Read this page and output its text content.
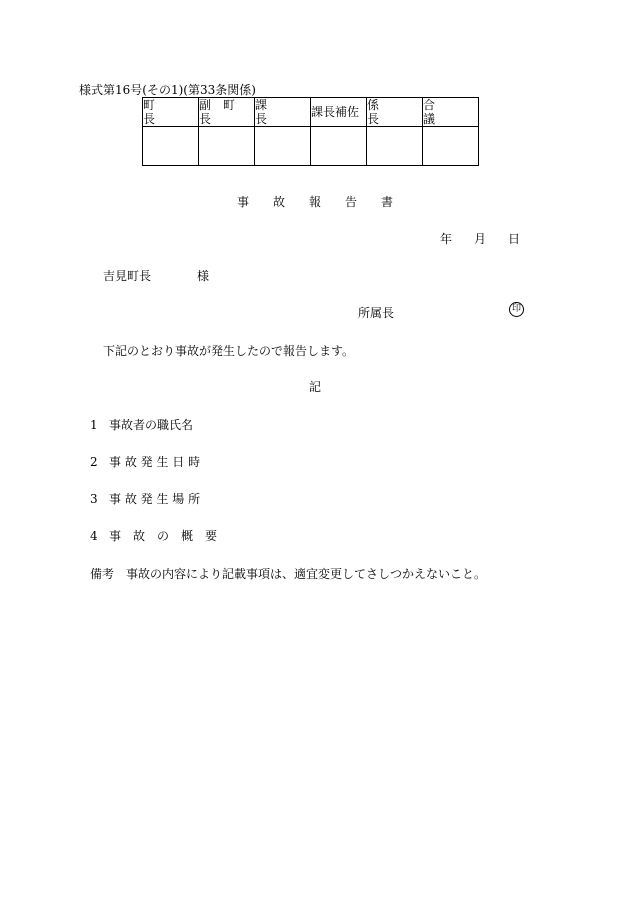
様式第16号(その1)(第33条関係)
町　　　長	副　町　長	課　　　長	課長補佐	係　　　長	合　　　議

事 故 報 告 書
年 月 日
吉見町長	様
所属長	印
下記のとおり事故が発生したので報告します。
記
1 事故者の職氏名
2 事 故 発 生 日 時
3 事 故 発 生 場 所
4 事　故　の　概　要
備考 事故の内容により記載事項は、適宜変更してさしつかえないこと。
